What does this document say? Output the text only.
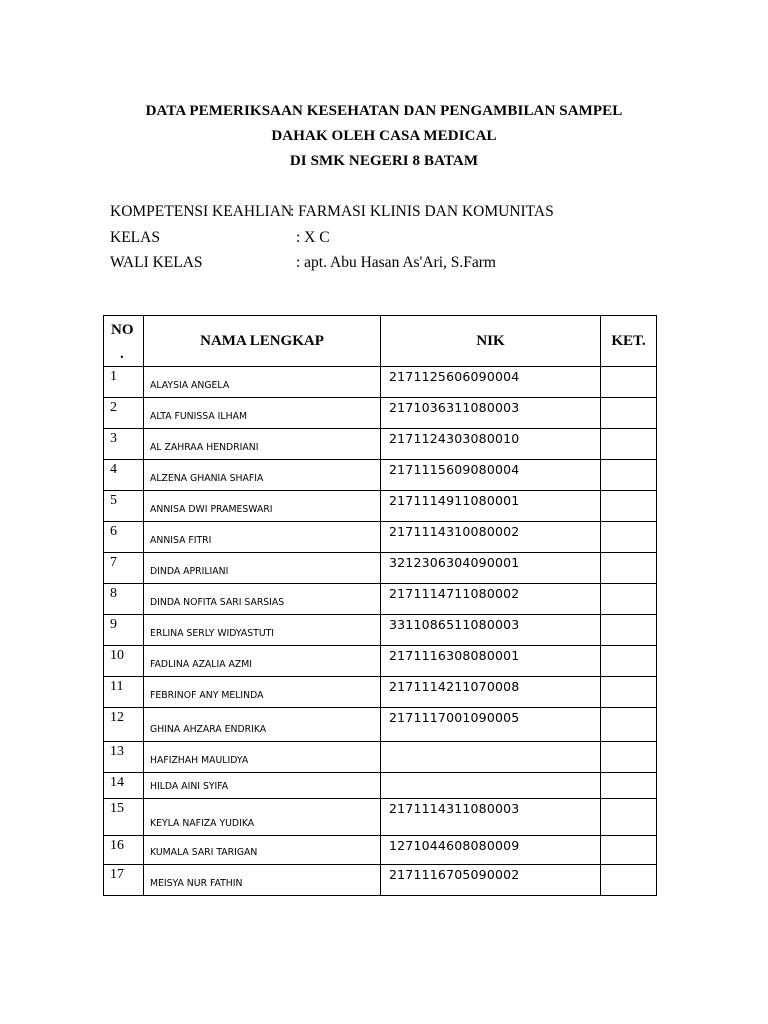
DATA PEMERIKSAAN KESEHATAN DAN PENGAMBILAN SAMPEL
DAHAK OLEH CASA MEDICAL
DI SMK NEGERI 8 BATAM
KOMPETENSI KEAHLIAN
: FARMASI KLINIS DAN KOMUNITAS
KELAS	: X C
WALI KELAS	: apt. Abu Hasan As'Ari, S.Farm
NO
.	NAMA LENGKAP	NIK	KET.
1	ALAYSIA ANGELA	2171125606090004	
2	ALTA FUNISSA ILHAM	2171036311080003	
3	AL ZAHRAA HENDRIANI	2171124303080010	
4	ALZENA GHANIA SHAFIA	2171115609080004	
5	ANNISA DWI PRAMESWARI	2171114911080001	
6	ANNISA FITRI	2171114310080002	
7	DINDA APRILIANI	3212306304090001	
8	DINDA NOFITA SARI SARSIAS	2171114711080002	
9	ERLINA SERLY WIDYASTUTI	3311086511080003	
10	FADLINA AZALIA AZMI	2171116308080001	
11	FEBRINOF ANY MELINDA	2171114211070008	
12	GHINA AHZARA ENDRIKA	2171117001090005	
13	HAFIZHAH MAULIDYA		
14	HILDA AINI SYIFA		
15	KEYLA NAFIZA YUDIKA	2171114311080003	
16	KUMALA SARI TARIGAN	1271044608080009	
17	MEISYA NUR FATHIN	2171116705090002	
